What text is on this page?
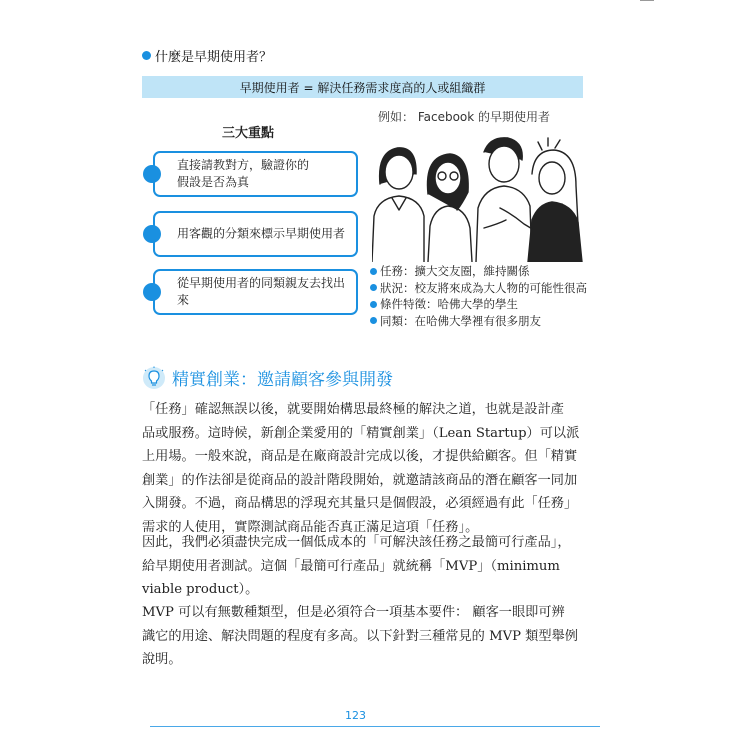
什麼是早期使用者？
早期使用者 = 解決任務需求度高的人或組織群
三大重點
直接請教對方，驗證你的
假設是否為真
用客觀的分類來標示早期使用者
從早期使用者的同類親友去找出來
例如： Facebook 的早期使用者
任務：擴大交友圈，維持關係
狀況：校友將來成為大人物的可能性很高
條件特徵：哈佛大學的學生
同類：在哈佛大學裡有很多朋友
精實創業：邀請顧客參與開發
「任務」確認無誤以後，就要開始構思最終極的解決之道，也就是設計產
品或服務。這時候，新創企業愛用的「精實創業」（Lean Startup）可以派
上用場。一般來說，商品是在廠商設計完成以後，才提供給顧客。但「精實
創業」的作法卻是從商品的設計階段開始，就邀請該商品的潛在顧客一同加
入開發。不過，商品構思的浮現充其量只是個假設，必須經過有此「任務」
需求的人使用，實際測試商品能否真正滿足這項「任務」。
因此，我們必須盡快完成一個低成本的「可解決該任務之最簡可行產品」，
給早期使用者測試。這個「最簡可行產品」就統稱「MVP」（minimum
viable product）。
MVP 可以有無數種類型，但是必須符合一項基本要件： 顧客一眼即可辨
識它的用途、解決問題的程度有多高。以下針對三種常見的 MVP 類型舉例
說明。
123
